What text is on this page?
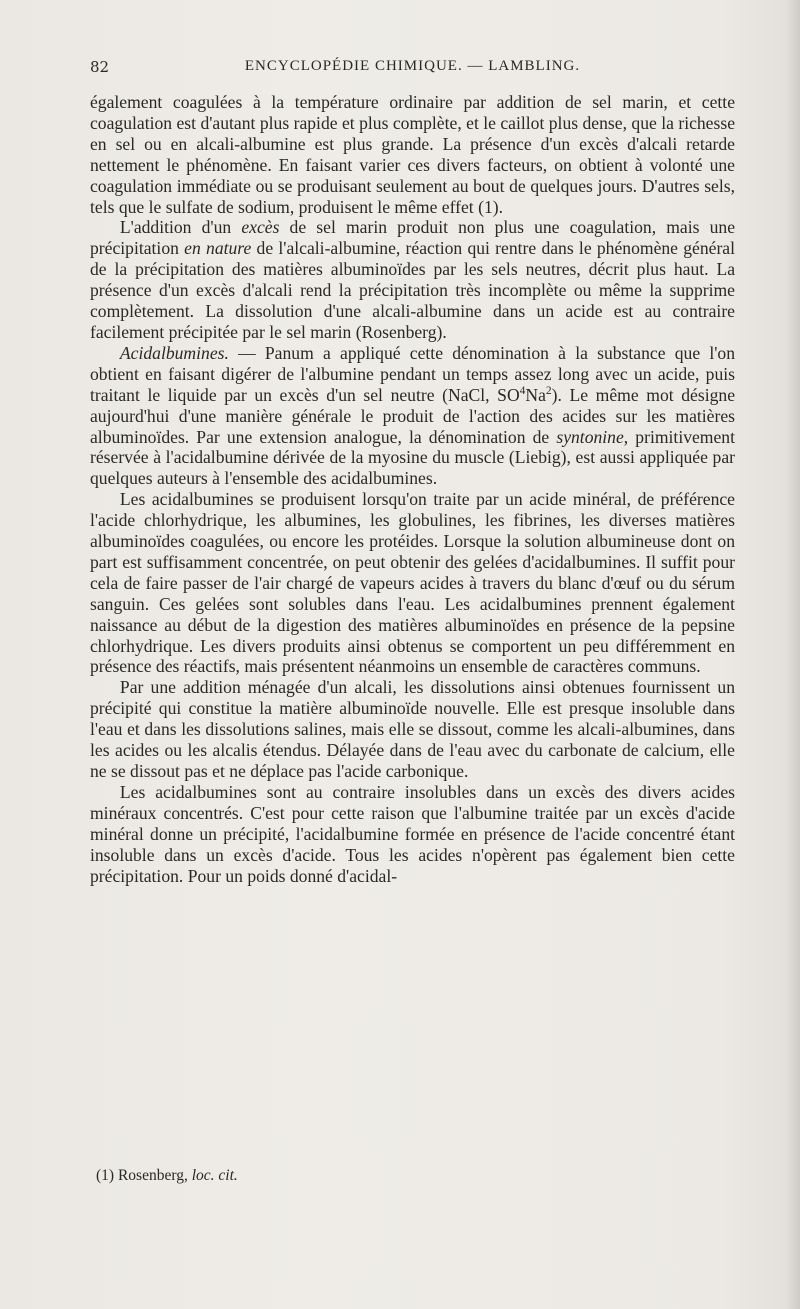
82	ENCYCLOPÉDIE CHIMIQUE. — LAMBLING.

également coagulées à la température ordinaire par addition de sel marin, et cette coagulation est d'autant plus rapide et plus complète, et le caillot plus dense, que la richesse en sel ou en alcali-albumine est plus grande. La présence d'un excès d'alcali retarde nettement le phénomène. En faisant varier ces divers facteurs, on obtient à volonté une coagulation immédiate ou se produisant seulement au bout de quelques jours. D'autres sels, tels que le sulfate de sodium, produisent le même effet (1).

L'addition d'un excès de sel marin produit non plus une coagulation, mais une précipitation en nature de l'alcali-albumine, réaction qui rentre dans le phénomène général de la précipitation des matières albuminoïdes par les sels neutres, décrit plus haut. La présence d'un excès d'alcali rend la précipitation très incomplète ou même la supprime complètement. La dissolution d'une alcali-albumine dans un acide est au contraire facilement précipitée par le sel marin (Rosenberg).

Acidalbumines. — Panum a appliqué cette dénomination à la substance que l'on obtient en faisant digérer de l'albumine pendant un temps assez long avec un acide, puis traitant le liquide par un excès d'un sel neutre (NaCl, $SO^4Na^2$). Le même mot désigne aujourd'hui d'une manière générale le produit de l'action des acides sur les matières albuminoïdes. Par une extension analogue, la dénomination de syntonine, primitivement réservée à l'acidalbumine dérivée de la myosine du muscle (Liebig), est aussi appliquée par quelques auteurs à l'ensemble des acidalbumines.

Les acidalbumines se produisent lorsqu'on traite par un acide minéral, de préférence l'acide chlorhydrique, les albumines, les globulines, les fibrines, les diverses matières albuminoïdes coagulées, ou encore les protéides. Lorsque la solution albumineuse dont on part est suffisamment concentrée, on peut obtenir des gelées d'acidalbumines. Il suffit pour cela de faire passer de l'air chargé de vapeurs acides à travers du blanc d'œuf ou du sérum sanguin. Ces gelées sont solubles dans l'eau. Les acidalbumines prennent également naissance au début de la digestion des matières albuminoïdes en présence de la pepsine chlorhydrique. Les divers produits ainsi obtenus se comportent un peu différemment en présence des réactifs, mais présentent néanmoins un ensemble de caractères communs.

Par une addition ménagée d'un alcali, les dissolutions ainsi obtenues fournissent un précipité qui constitue la matière albuminoïde nouvelle. Elle est presque insoluble dans l'eau et dans les dissolutions salines, mais elle se dissout, comme les alcali-albumines, dans les acides ou les alcalis étendus. Délayée dans de l'eau avec du carbonate de calcium, elle ne se dissout pas et ne déplace pas l'acide carbonique.

Les acidalbumines sont au contraire insolubles dans un excès des divers acides minéraux concentrés. C'est pour cette raison que l'albumine traitée par un excès d'acide minéral donne un précipité, l'acidalbumine formée en présence de l'acide concentré étant insoluble dans un excès d'acide. Tous les acides n'opèrent pas également bien cette précipitation. Pour un poids donné d'acidal-

(1) Rosenberg, loc. cit.
